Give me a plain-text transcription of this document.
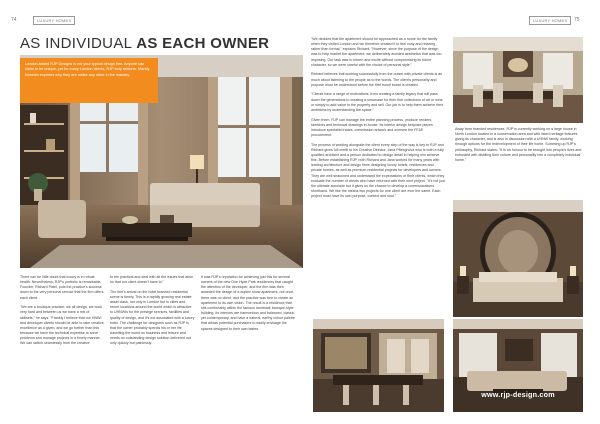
74	LUXURY HOMES	LUXURY HOMES	75
AS INDIVIDUAL AS EACH OWNER
London-based RJP Designs is not your typical design firm. Anyone can claim to be unique, yet for many London clients, RJP truly delivers. Mandy Norwich explores why they are unlike any other in the industry.

There can be little doubt that luxury is in robust health. Nevertheless, RJP's portfolio is remarkable. Founder, Richard Patel, puts the practice's success down to the very personal service that the firm offers each client.

"We are a boutique practice: we all design, we work very hard and between us we have a mix of skillsets," he says. "Frankly I believe that our HNWI and developer clients should be able to take creative excellence as a given, and we go further than this because we have the technical expertise to solve problems and manage projects in a timely manner. We can switch seamlessly from the creative

to the practical and deal with all the issues that arise so that our client doesn't have to."

The firm's arrival on the hotel branded residential scene is timely. This is a rapidly growing real estate asset class, not only in London but in cities and resort locations around the world which is attractive to UHNWIs for the prestige services, facilities and quality of design, and it's not associated with a luxury hotel. The challenge for designers such as RJP is that the owner probably spends his or her life travelling the world on business and leisure and needs an outstanding design solution delivered not only quickly but painlessly.

It was RJP's reputation for achieving just this for several owners of the new One Hyde Park residences that caught the attention of the developer, and the firm was then awarded the design of a duplex show apartment, not once, there was no client, and the practice was free to create an apartment to its own vision. The result is a residence that sits comfortably within the famous landmark baroque-style building. Its interiors are harmonious and balanced, classic yet contemporary, and have a natural, earthy colour palette that allows potential purchasers to easily envisage the spaces designed to their own tastes.

"We decided that the apartment should be approached as a home for the family when they visited London and we therefore created it to feel cosy and relaxing rather than formal," explains Richard. "However, since the purpose of the design was to help market the apartment, we deliberately avoided aesthetics that was too imposing. Our task was to inform and excite without compromising its future character, so we were careful with the choice of personal style."

Richard believes that working successfully from the outset with private clients is as much about listening to the people as to the words. The client's personality and purpose must be understood before the first mood board is created.

"Clients have a range of motivations, from creating a family legacy that will pass down the generations to creating a showcase for their fine collections of art or wine or simply to add value to the property and sell. Our job is to help them achieve their ambitions by understanding the space."

Given them, RJP can manage the entire planning process, produce renders, sketches and technical drawings in-house. Its interior design bespoke pieces introduce specialist trades, commission artwork and oversee the FF&E procurement.

The process of working alongside the client every step of the way is key to RJP and Richard gives full credit to his Creative Director, Jana Pfleeghova who is both a fully qualified architect and a person dedicated to design detail in helping him achieve this. Before establishing RJP, both Richard and Jana worked for many years with leading architecture and design firms designing luxury hotels, residences and private homes, as well as premium residential projects for developers and owners. They are well seasoned and understand the expectations of their clients, which they evaluate the number of clients who have returned with their next project. "It's not just the ultimate accolade but it gives us the chance to develop a communications shorthand. We like the means two projects for one client are ever the same. Each project must have its own purpose, context and soul."

Away from branded residences, RJP is currently working on a large house in North London located in a conservation area and with listed heritage features giving its character, and is also in discussion with a UHNW family, working through options for the redevelopment of their life home. Summing up RJP's philosophy, Richard states: "It is an honour to be brought into people's lives and entrusted with distilling their culture and personality into a completely individual home."

www.rjp-design.com
